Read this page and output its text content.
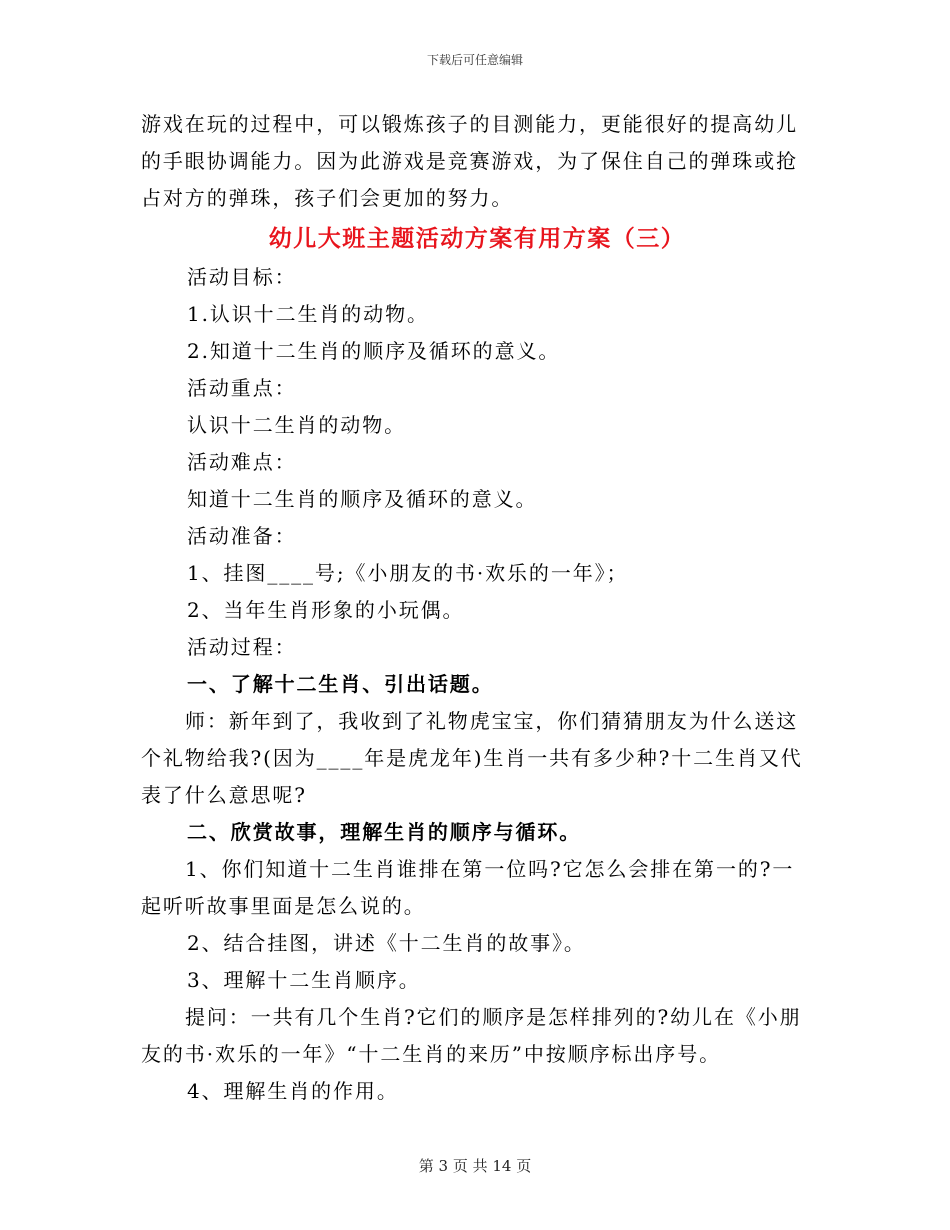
下载后可任意编辑
游戏在玩的过程中，可以锻炼孩子的目测能力，更能很好的提高幼儿
的手眼协调能力。因为此游戏是竞赛游戏，为了保住自己的弹珠或抢
占对方的弹珠，孩子们会更加的努力。
幼儿大班主题活动方案有用方案（三）
活动目标：
1.认识十二生肖的动物。
2.知道十二生肖的顺序及循环的意义。
活动重点：
认识十二生肖的动物。
活动难点：
知道十二生肖的顺序及循环的意义。
活动准备：
1、挂图____号;《小朋友的书·欢乐的一年》；
2、当年生肖形象的小玩偶。
活动过程：
一、了解十二生肖、引出话题。
师：新年到了，我收到了礼物虎宝宝，你们猜猜朋友为什么送这个礼物给我?(因为____年是虎龙年)生肖一共有多少种?十二生肖又代表了什么意思呢?
二、欣赏故事，理解生肖的顺序与循环。
1、你们知道十二生肖谁排在第一位吗?它怎么会排在第一的?一起听听故事里面是怎么说的。
2、结合挂图，讲述《十二生肖的故事》。
3、理解十二生肖顺序。
提问：一共有几个生肖?它们的顺序是怎样排列的?幼儿在《小朋友的书·欢乐的一年》“十二生肖的来历”中按顺序标出序号。
4、理解生肖的作用。
第 3 页 共 14 页
